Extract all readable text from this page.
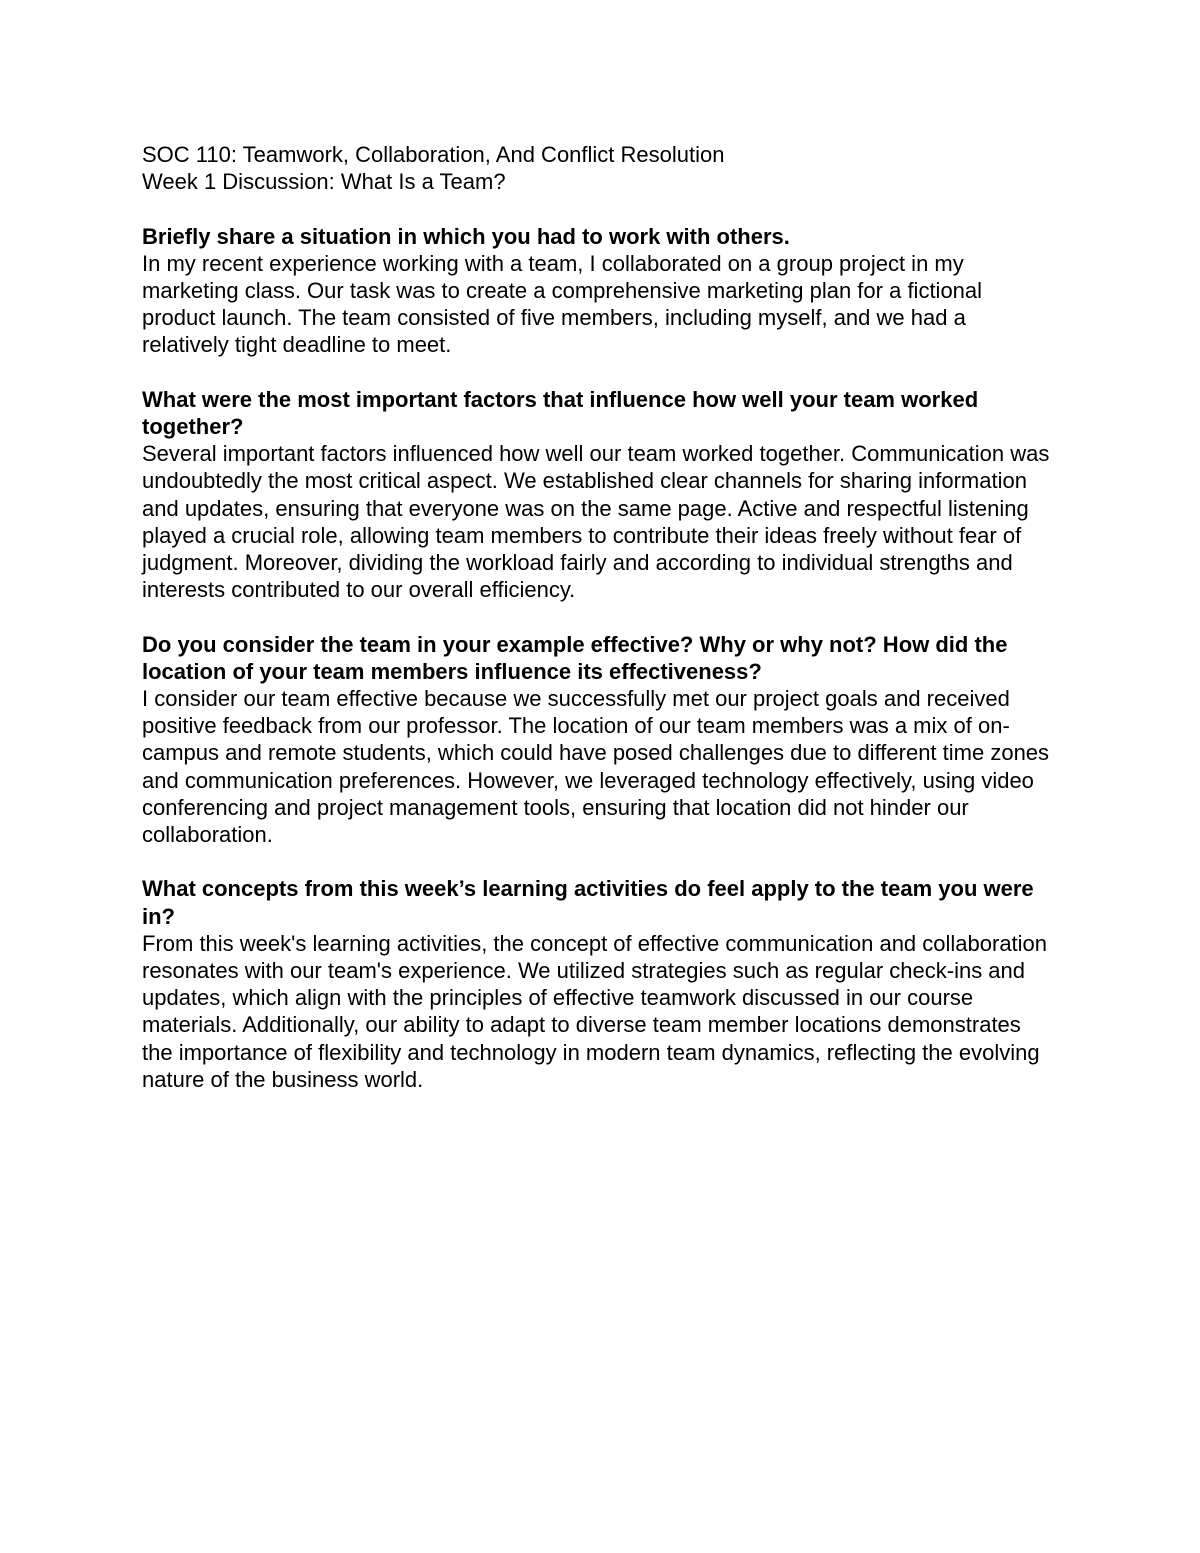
SOC 110: Teamwork, Collaboration, And Conflict Resolution

Week 1 Discussion: What Is a Team?

Briefly share a situation in which you had to work with others.

In my recent experience working with a team, I collaborated on a group project in my marketing class. Our task was to create a comprehensive marketing plan for a fictional product launch. The team consisted of five members, including myself, and we had a relatively tight deadline to meet.

What were the most important factors that influence how well your team worked together?

Several important factors influenced how well our team worked together. Communication was undoubtedly the most critical aspect. We established clear channels for sharing information and updates, ensuring that everyone was on the same page. Active and respectful listening played a crucial role, allowing team members to contribute their ideas freely without fear of judgment. Moreover, dividing the workload fairly and according to individual strengths and interests contributed to our overall efficiency.

Do you consider the team in your example effective? Why or why not? How did the location of your team members influence its effectiveness?

I consider our team effective because we successfully met our project goals and received positive feedback from our professor. The location of our team members was a mix of on-campus and remote students, which could have posed challenges due to different time zones and communication preferences. However, we leveraged technology effectively, using video conferencing and project management tools, ensuring that location did not hinder our collaboration.

What concepts from this week’s learning activities do feel apply to the team you were in?

From this week's learning activities, the concept of effective communication and collaboration resonates with our team's experience. We utilized strategies such as regular check-ins and updates, which align with the principles of effective teamwork discussed in our course materials. Additionally, our ability to adapt to diverse team member locations demonstrates the importance of flexibility and technology in modern team dynamics, reflecting the evolving nature of the business world.
